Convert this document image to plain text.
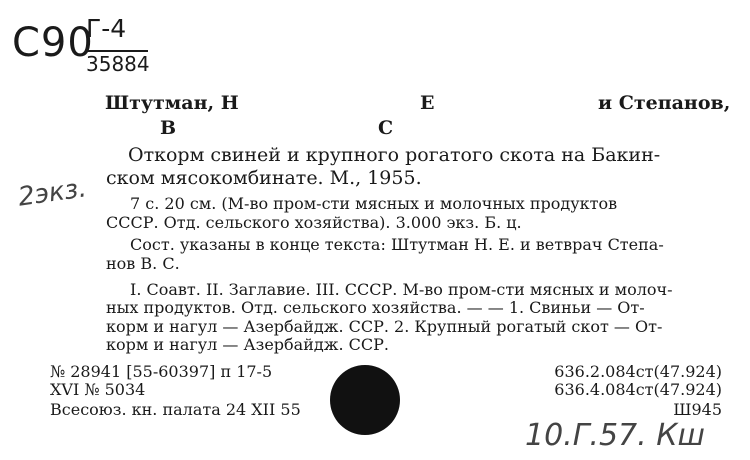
С90
Г-4
35884
Штутман, Н	Е	и Степанов,
В	С
Откорм свиней и крупного рогатого скота на Бакин-
ском мясокомбинате. М., 1955.
7 с. 20 см. (М-во пром-сти мясных и молочных продуктов
СССР. Отд. сельского хозяйства). 3.000 экз. Б. ц.
Сост. указаны в конце текста: Штутман Н. Е. и ветврач Степа-
нов В. С.
I. Соавт. II. Заглавие. III. СССР. М-во пром-сти мясных и молоч-
ных продуктов. Отд. сельского хозяйства. — — 1. Свиньи — От-
корм и нагул — Азербайдж. ССР. 2. Крупный рогатый скот — От-
корм и нагул — Азербайдж. ССР.
№ 28941 [55-60397] п 17-5
XVI № 5034
Всесоюз. кн. палата 24 XII 55
636.2.084ст(47.924)
636.4.084ст(47.924)
Ш945
2экз.
10.Г.57. Кш
